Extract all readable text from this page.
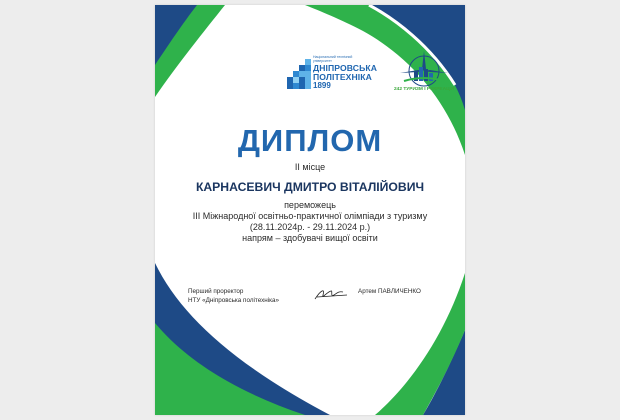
Національний технічний університет
ДНІПРОВСЬКА
ПОЛІТЕХНІКА
1899	242 ТУРИЗМ І РЕКРЕАЦІЯ
ДИПЛОМ
II місце
КАРНАСЕВИЧ ДМИТРО ВІТАЛІЙОВИЧ
переможець
III Міжнародної освітньо-практичної олімпіади з туризму
(28.11.2024р. - 29.11.2024 р.)
напрям – здобувачі вищої освіти
Перший проректор
НТУ «Дніпровська політехніка»
Артем ПАВЛИЧЕНКО
